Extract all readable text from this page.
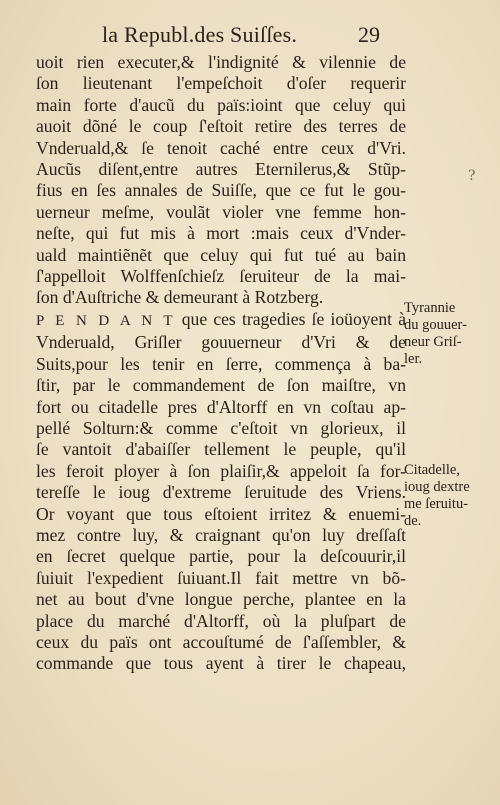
la Republ.des Suiſſes.	29
uoit rien executer,& l'indignité & vilennie de
ſon lieutenant l'empeſchoit d'oſer requerir
main forte d'aucũ du païs:ioint que celuy qui
auoit dõné le coup ſ'eſtoit retire des terres de
Vnderuald,& ſe tenoit caché entre ceux d'Vri.
Aucũs diſent,entre autres Eternilerus,& Stũp-
fius en ſes annales de Suiſſe, que ce fut le gou-
uerneur meſme, voulãt violer vne femme hon-
neſte, qui fut mis à mort :mais ceux d'Vnder-
uald maintiẽnẽt que celuy qui fut tué au bain
ſ'appelloit Wolffenſchieſz ſeruiteur de la mai-
ſon d'Auſtriche & demeurant à Rotzberg.
P E N D A N T que ces tragedies ſe ioüoyent à
Vnderuald, Griſler gouuerneur d'Vri & de
Suits,pour les tenir en ſerre, commença à ba-
ſtir, par le commandement de ſon maiſtre, vn
fort ou citadelle pres d'Altorff en vn coſtau ap-
pellé Solturn:& comme c'eſtoit vn glorieux, il
ſe vantoit d'abaiſſer tellement le peuple, qu'il
les feroit ployer à ſon plaiſir,& appeloit ſa for-
tereſſe le ioug d'extreme ſeruitude des Vriens.
Or voyant que tous eſtoient irritez & enuemi-
mez contre luy, & craignant qu'on luy dreſſaſt
en ſecret quelque partie, pour la deſcouurir,il
ſuiuit l'expedient ſuiuant.Il fait mettre vn bõ-
net au bout d'vne longue perche, plantee en la
place du marché d'Altorff, où la pluſpart de
ceux du païs ont accouſtumé de ſ'aſſembler, &
commande que tous ayent à tirer le chapeau,
?
Tyrannie
du gouuer-
neur Griſ-
ler.
Citadelle,
ioug dextre
me ſeruitu-
de.
